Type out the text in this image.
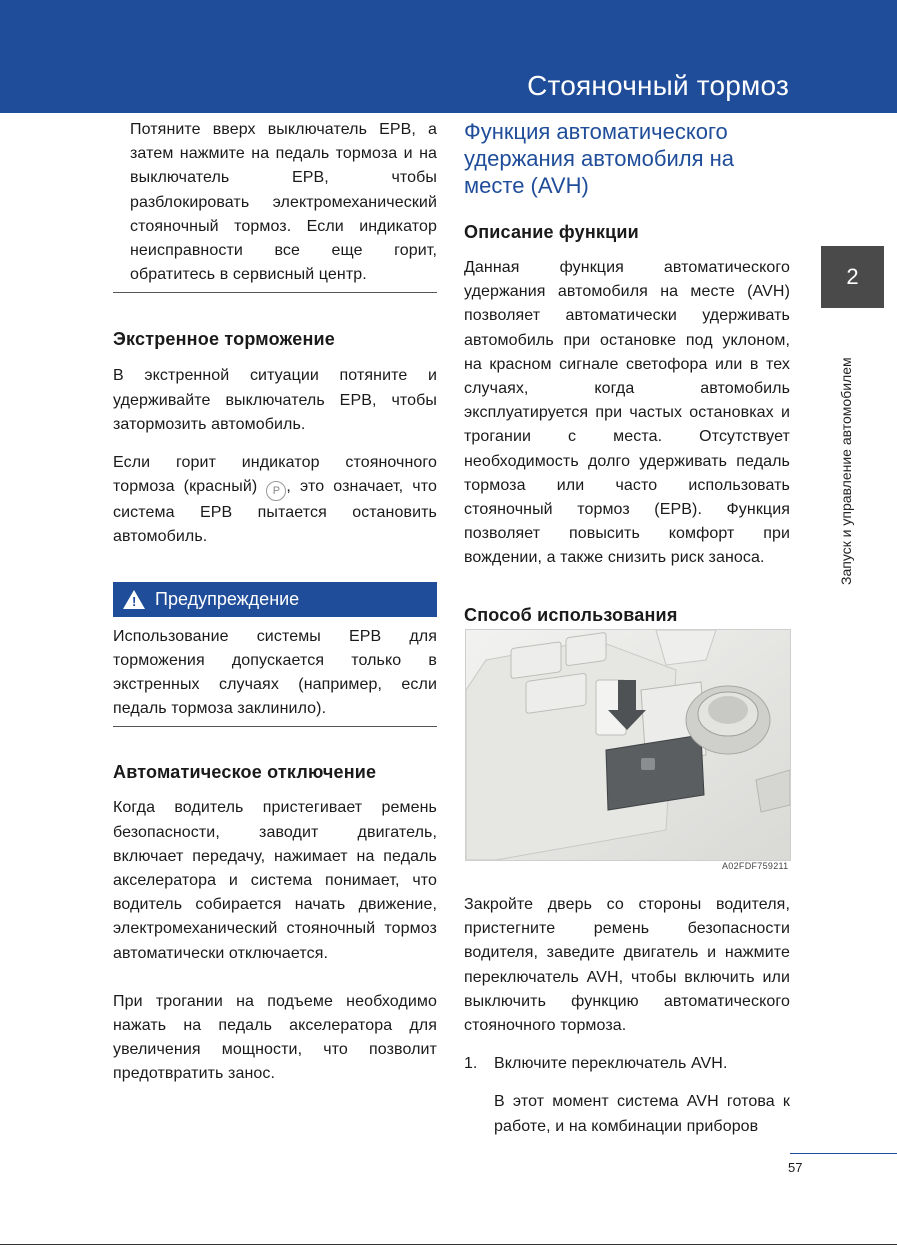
Стояночный тормоз

Потяните вверх выключатель EPB, а затем нажмите на педаль тормоза и на выключатель EPB, чтобы разблокировать электромеханический стояночный тормоз. Если индикатор неисправности все еще горит, обратитесь в сервисный центр.

Экстренное торможение

В экстренной ситуации потяните и удерживайте выключатель EPB, чтобы затормозить автомобиль.

Если горит индикатор стояночного тормоза (красный) P , это означает, что система EPB пытается остановить автомобиль.

! Предупреждение

Использование системы EPB для торможения допускается только в экстренных случаях (например, если педаль тормоза заклинило).

Автоматическое отключение

Когда водитель пристегивает ремень безопасности, заводит двигатель, включает передачу, нажимает на педаль акселератора и система понимает, что водитель собирается начать движение, электромеханический стояночный тормоз автоматически отключается.

При трогании на подъеме необходимо нажать на педаль акселератора для увеличения мощности, что позволит предотвратить занос.

Функция автоматического удержания автомобиля на месте (AVH)
Описание функции

Данная функция автоматического удержания автомобиля на месте (AVH) позволяет автоматически удерживать автомобиль при остановке под уклоном, на красном сигнале светофора или в тех случаях, когда автомобиль эксплуатируется при частых остановках и трогании с места. Отсутствует необходимость долго удерживать педаль тормоза или часто использовать стояночный тормоз (EPB). Функция позволяет повысить комфорт при вождении, а также снизить риск заноса.

Способ использования
A02FDF759211

Закройте дверь со стороны водителя, пристегните ремень безопасности водителя, заведите двигатель и нажмите переключатель AVH, чтобы включить или выключить функцию автоматического стояночного тормоза.

1. Включите переключатель AVH.

В этот момент система AVH готова к работе, и на комбинации приборов

2
Запуск и управление автомобилем
57
